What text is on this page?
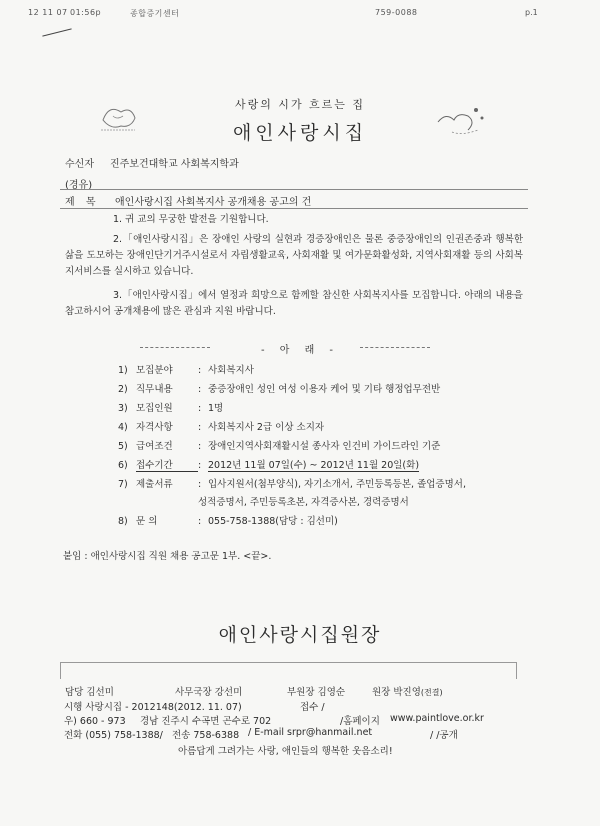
12 11 07 01:56p	종합증기센터	759-0088	p.1
사랑의 시가 흐르는 집
애인사랑시집
수신자 진주보건대학교 사회복지학과
(경유)
제 목 애인사랑시집 사회복지사 공개채용 공고의 건
1. 귀 교의 무궁한 발전을 기원합니다.
2.「애인사랑시집」은 장애인 사랑의 실현과 경증장애인은 물론 중증장애인의 인권존중과 행복한 삶을 도모하는 장애인단기거주시설로서 자립생활교육, 사회재활 및 여가문화활성화, 지역사회재활 등의 사회복지서비스를 실시하고 있습니다.
3.「애인사랑시집」에서 열정과 희망으로 함께할 참신한 사회복지사를 모집합니다. 아래의 내용을 참고하시어 공개채용에 많은 관심과 지원 바랍니다.
- 아 래 -
1) 모집분야	: 사회복지사
2) 직무내용	: 중증장애인 성인 여성 이용자 케어 및 기타 행정업무전반
3) 모집인원	: 1명
4) 자격사항	: 사회복지사 2급 이상 소지자
5) 급여조건	: 장애인지역사회재활시설 종사자 인건비 가이드라인 기준
6) 접수기간	: 2012년 11월 07일(수) ~ 2012년 11월 20일(화)
7) 제출서류	: 입사지원서(첨부양식), 자기소개서, 주민등록등본, 졸업증명서,
성적증명서, 주민등록초본, 자격증사본, 경력증명서
8) 문 의	: 055-758-1388(담당 : 김선미)
붙임 : 애인사랑시집 직원 채용 공고문 1부. <끝>.
애인사랑시집원장
담당 김선미	사무국장 강선미	부원장 김영순	원장 박진영(전결)
시행 사랑시집 - 2012148(2012. 11. 07)	접수 /
우) 660 - 973 경남 진주시 수곡면 곤수로 702	/홈페이지 www.paintlove.or.kr
전화 (055) 758-1388/ 전송 758-6388 / E-mail srpr@hanmail.net	/ /공개
아름답게 그려가는 사랑, 애인들의 행복한 웃음소리!
